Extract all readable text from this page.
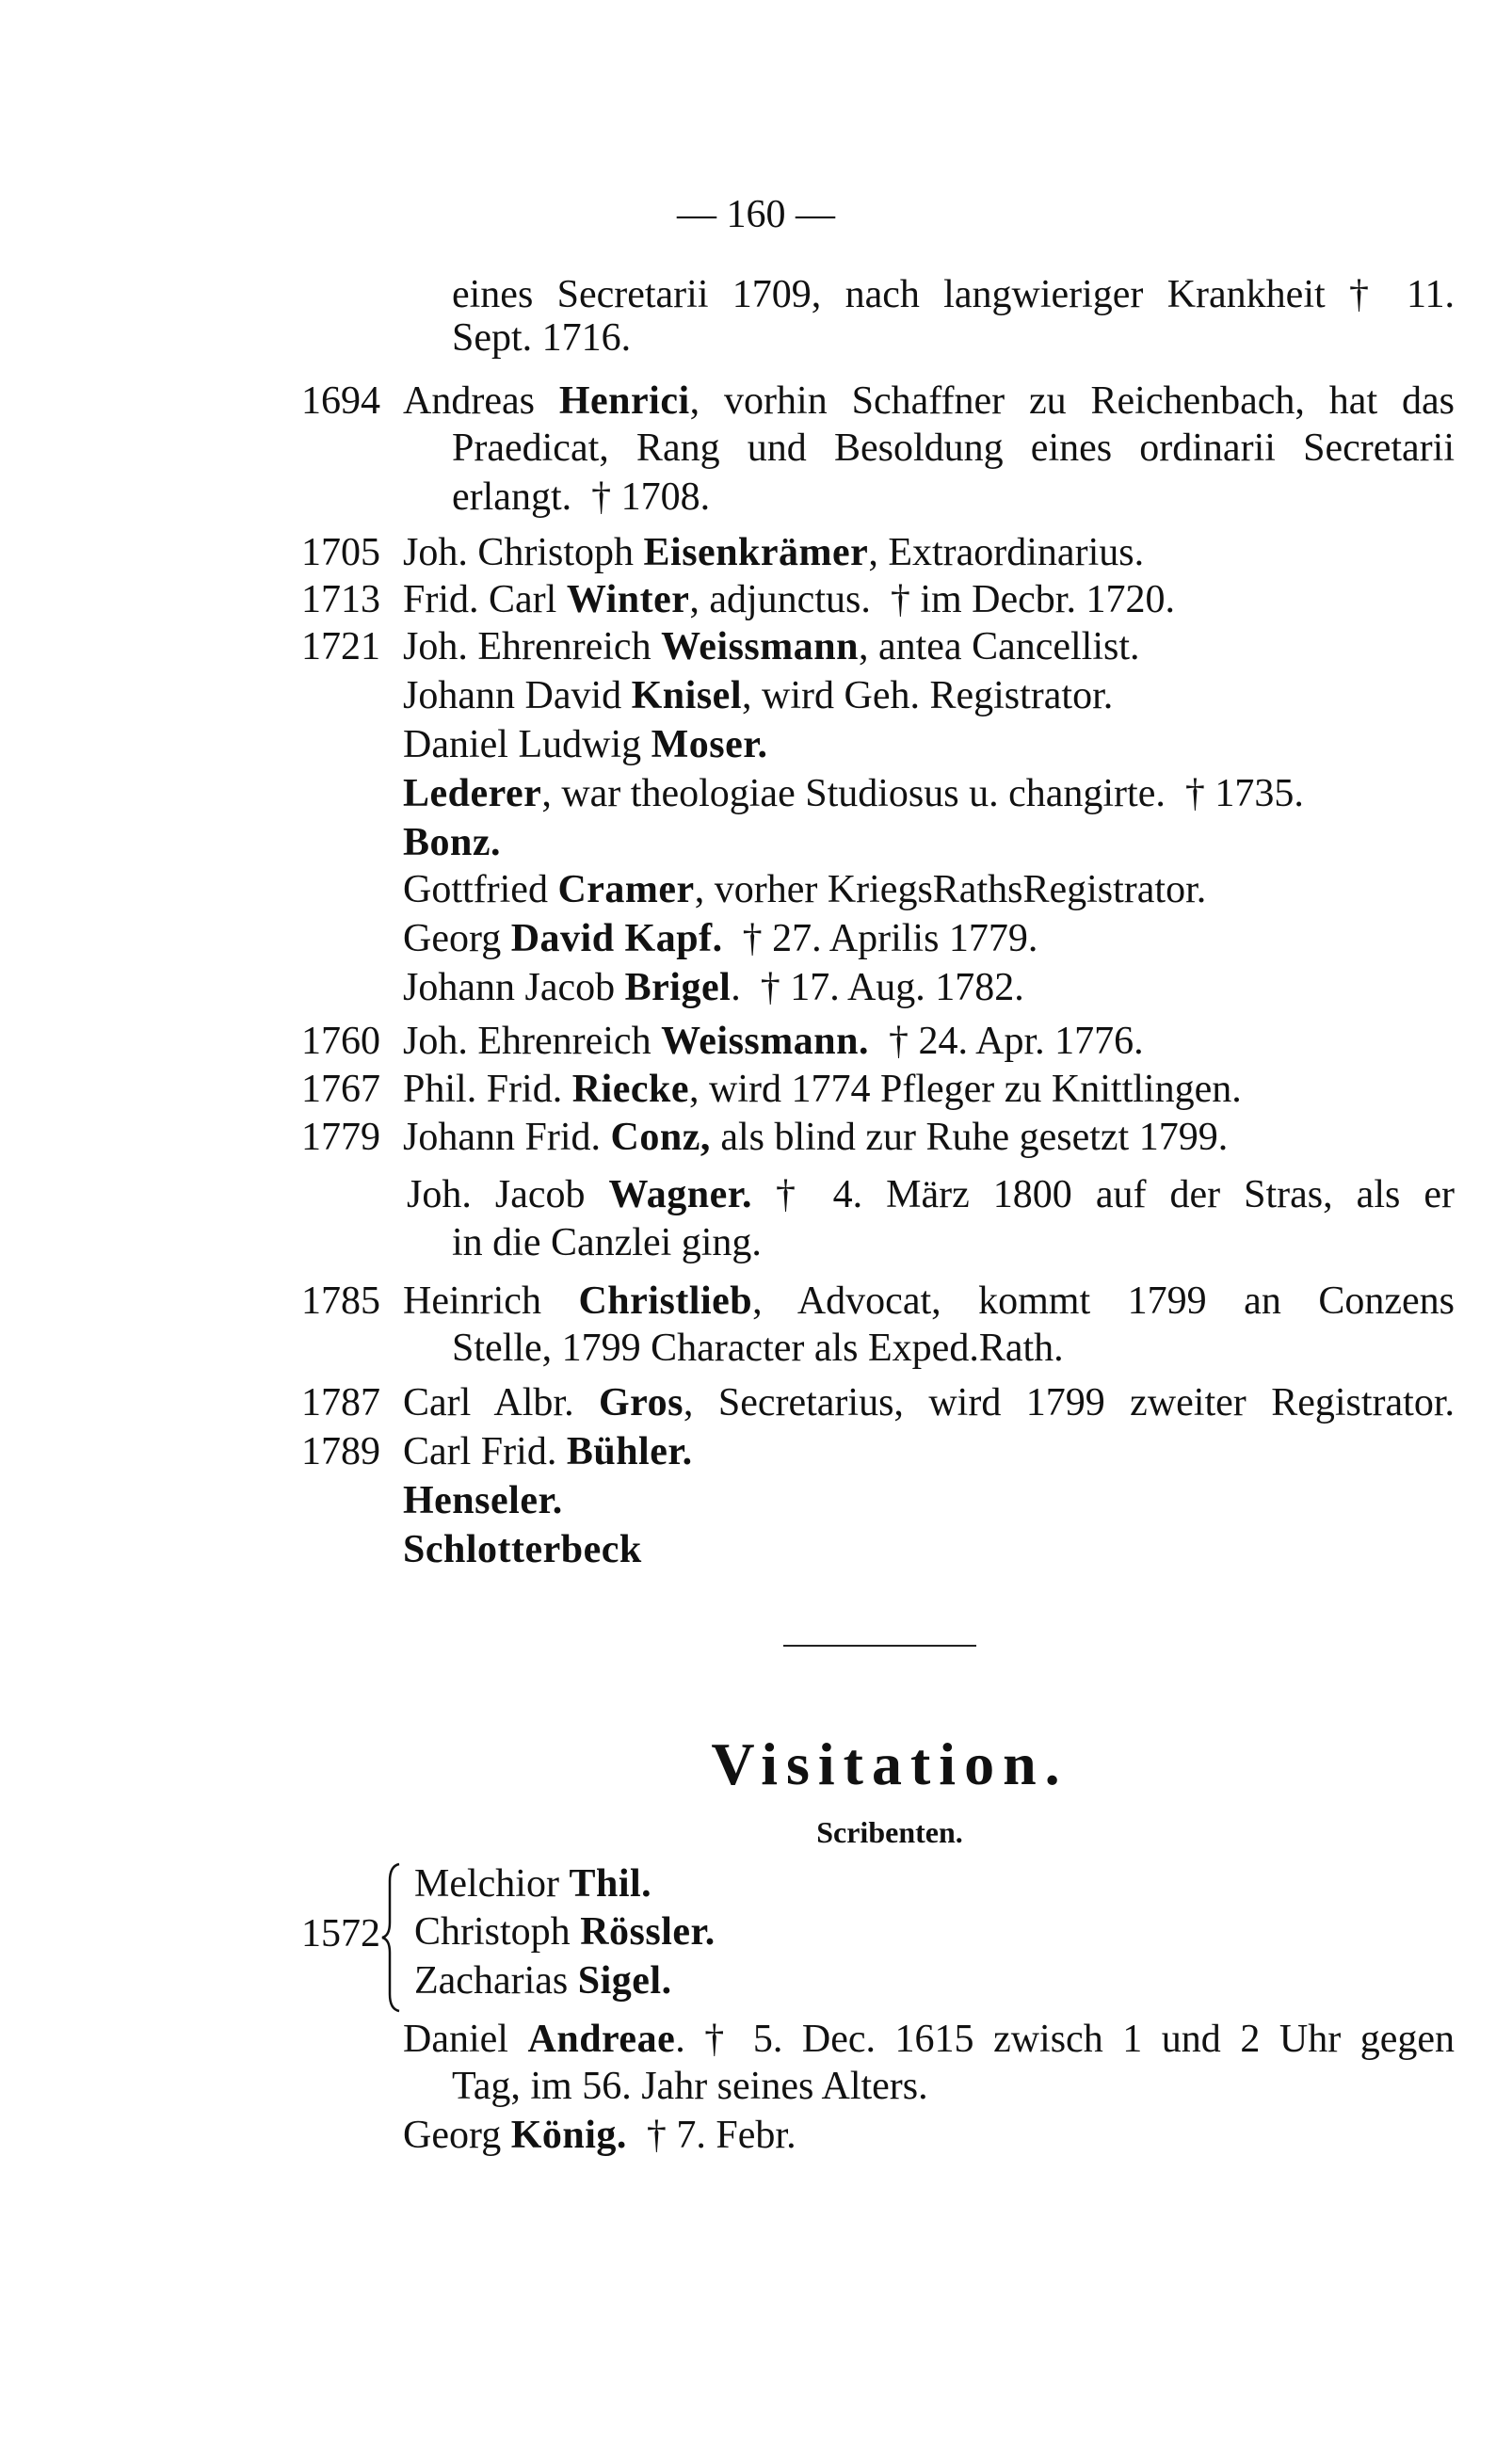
— 160 —
eines Secretarii 1709, nach langwieriger Krankheit † 11.
Sept. 1716.
1694 Andreas Henrici, vorhin Schaffner zu Reichenbach, hat das
Praedicat, Rang und Besoldung eines ordinarii Secretarii
erlangt.  † 1708.
1705 Joh. Christoph Eisenkrämer, Extraordinarius.
1713 Frid. Carl Winter, adjunctus.  † im Decbr. 1720.
1721 Joh. Ehrenreich Weissmann, antea Cancellist.
Johann David Knisel, wird Geh. Registrator.
Daniel Ludwig Moser.
Lederer, war theologiae Studiosus u. changirte.  † 1735.
Bonz.
Gottfried Cramer, vorher KriegsRathsRegistrator.
Georg David Kapf.  † 27. Aprilis 1779.
Johann Jacob Brigel.  † 17. Aug. 1782.
1760 Joh. Ehrenreich Weissmann.  † 24. Apr. 1776.
1767 Phil. Frid. Riecke, wird 1774 Pfleger zu Knittlingen.
1779 Johann Frid. Conz, als blind zur Ruhe gesetzt 1799.
Joh. Jacob Wagner. † 4. März 1800 auf der Stras, als er
in die Canzlei ging.
1785 Heinrich Christlieb, Advocat, kommt 1799 an Conzens
Stelle, 1799 Character als Exped.Rath.
1787 Carl Albr. Gros, Secretarius, wird 1799 zweiter Registrator.
1789 Carl Frid. Bühler.
Henseler.
Schlotterbeck
Visitation.
Scribenten.
1572
Melchior Thil.
Christoph Rössler.
Zacharias Sigel.
Daniel Andreae. † 5. Dec. 1615 zwisch 1 und 2 Uhr gegen
Tag, im 56. Jahr seines Alters.
Georg König.  † 7. Febr.
